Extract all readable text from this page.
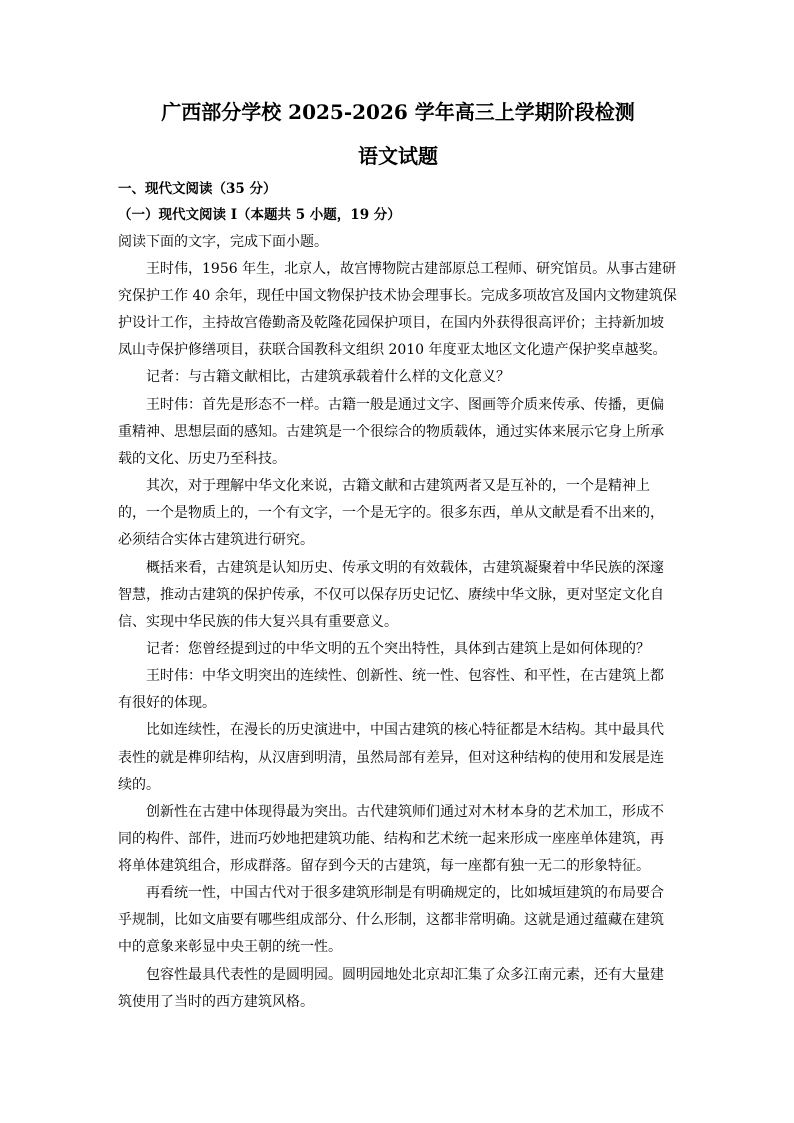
广西部分学校 2025-2026 学年高三上学期阶段检测
语文试题
一、现代文阅读（35 分）
（一）现代文阅读 I（本题共 5 小题，19 分）
阅读下面的文字，完成下面小题。
王时伟，1956 年生，北京人，故宫博物院古建部原总工程师、研究馆员。从事古建研
究保护工作 40 余年，现任中国文物保护技术协会理事长。完成多项故宫及国内文物建筑保
护设计工作，主持故宫倦勤斋及乾隆花园保护项目，在国内外获得很高评价；主持新加坡
凤山寺保护修缮项目，获联合国教科文组织 2010 年度亚太地区文化遗产保护奖卓越奖。
记者：与古籍文献相比，古建筑承载着什么样的文化意义？
王时伟：首先是形态不一样。古籍一般是通过文字、图画等介质来传承、传播，更偏
重精神、思想层面的感知。古建筑是一个很综合的物质载体，通过实体来展示它身上所承
载的文化、历史乃至科技。
其次，对于理解中华文化来说，古籍文献和古建筑两者又是互补的，一个是精神上
的，一个是物质上的，一个有文字，一个是无字的。很多东西，单从文献是看不出来的，
必须结合实体古建筑进行研究。
概括来看，古建筑是认知历史、传承文明的有效载体，古建筑凝聚着中华民族的深邃
智慧，推动古建筑的保护传承，不仅可以保存历史记忆、赓续中华文脉，更对坚定文化自
信、实现中华民族的伟大复兴具有重要意义。
记者：您曾经提到过的中华文明的五个突出特性，具体到古建筑上是如何体现的？
王时伟：中华文明突出的连续性、创新性、统一性、包容性、和平性，在古建筑上都
有很好的体现。
比如连续性，在漫长的历史演进中，中国古建筑的核心特征都是木结构。其中最具代
表性的就是榫卯结构，从汉唐到明清，虽然局部有差异，但对这种结构的使用和发展是连
续的。
创新性在古建中体现得最为突出。古代建筑师们通过对木材本身的艺术加工，形成不
同的构件、部件，进而巧妙地把建筑功能、结构和艺术统一起来形成一座座单体建筑，再
将单体建筑组合，形成群落。留存到今天的古建筑，每一座都有独一无二的形象特征。
再看统一性，中国古代对于很多建筑形制是有明确规定的，比如城垣建筑的布局要合
乎规制，比如文庙要有哪些组成部分、什么形制，这都非常明确。这就是通过蕴藏在建筑
中的意象来彰显中央王朝的统一性。
包容性最具代表性的是圆明园。圆明园地处北京却汇集了众多江南元素，还有大量建
筑使用了当时的西方建筑风格。
